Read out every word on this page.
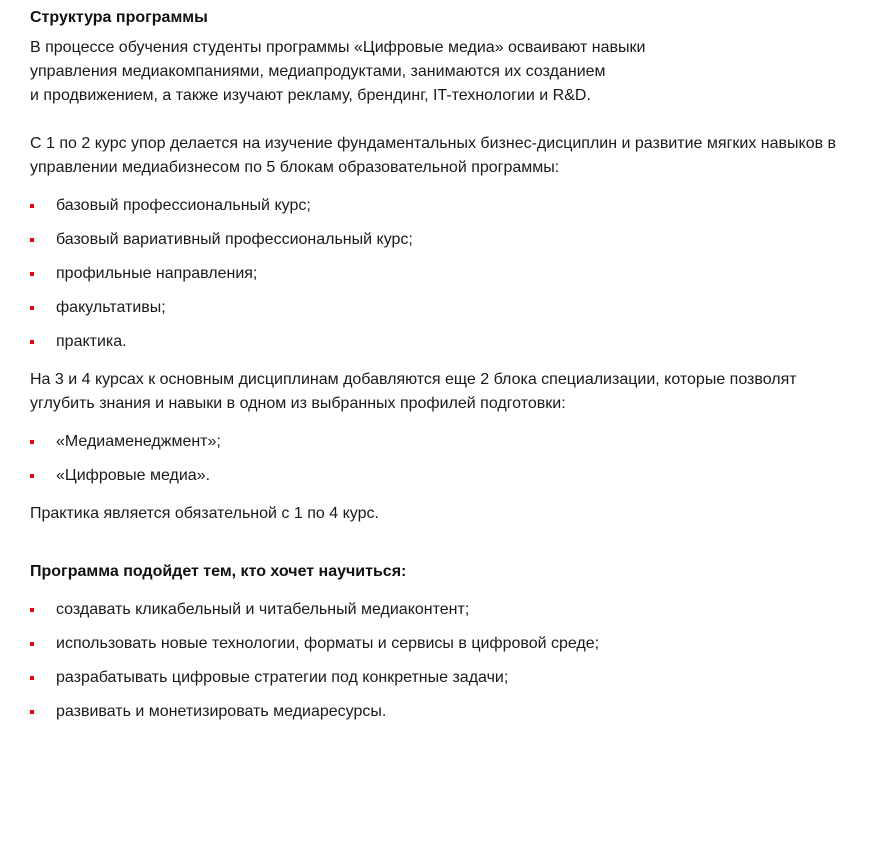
Структура программы

В процессе обучения студенты программы «Цифровые медиа» осваивают навыки
управления медиакомпаниями, медиапродуктами, занимаются их созданием
и продвижением, а также изучают рекламу, брендинг, IT-технологии и R&D.

С 1 по 2 курс упор делается на изучение фундаментальных бизнес-дисциплин и развитие мягких навыков в управлении медиабизнесом по 5 блокам образовательной программы:

базовый профессиональный курс;
базовый вариативный профессиональный курс;
профильные направления;
факультативы;
практика.

На 3 и 4 курсах к основным дисциплинам добавляются еще 2 блока специализации, которые позволят углубить знания и навыки в одном из выбранных профилей подготовки:

«Медиаменеджмент»;
«Цифровые медиа».

Практика является обязательной с 1 по 4 курс.

Программа подойдет тем, кто хочет научиться:
создавать кликабельный и читабельный медиаконтент;
использовать новые технологии, форматы и сервисы в цифровой среде;
разрабатывать цифровые стратегии под конкретные задачи;
развивать и монетизировать медиаресурсы.
